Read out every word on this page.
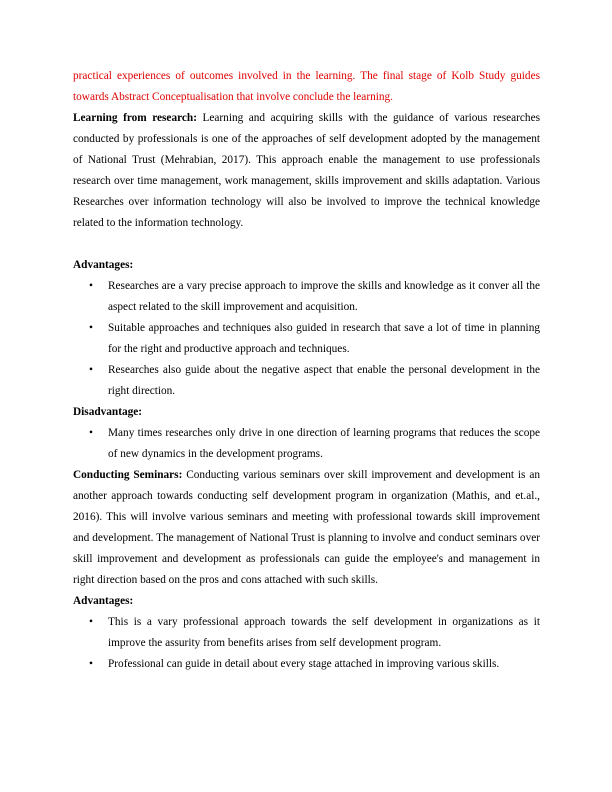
practical experiences of outcomes involved in the learning. The final stage of Kolb Study guides towards Abstract Conceptualisation that involve conclude the learning.

Learning from research: Learning and acquiring skills with the guidance of various researches conducted by professionals is one of the approaches of self development adopted by the management of National Trust (Mehrabian, 2017). This approach enable the management to use professionals research over time management, work management, skills improvement and skills adaptation. Various Researches over information technology will also be involved to improve the technical knowledge related to the information technology.

Advantages:

• Researches are a vary precise approach to improve the skills and knowledge as it conver all the aspect related to the skill improvement and acquisition.
• Suitable approaches and techniques also guided in research that save a lot of time in planning for the right and productive approach and techniques.
• Researches also guide about the negative aspect that enable the personal development in the right direction.

Disadvantage:

• Many times researches only drive in one direction of learning programs that reduces the scope of new dynamics in the development programs.

Conducting Seminars: Conducting various seminars over skill improvement and development is an another approach towards conducting self development program in organization (Mathis, and et.al., 2016). This will involve various seminars and meeting with professional towards skill improvement and development. The management of National Trust is planning to involve and conduct seminars over skill improvement and development as professionals can guide the employee's and management in right direction based on the pros and cons attached with such skills.

Advantages:

• This is a vary professional approach towards the self development in organizations as it improve the assurity from benefits arises from self development program.
• Professional can guide in detail about every stage attached in improving various skills.
